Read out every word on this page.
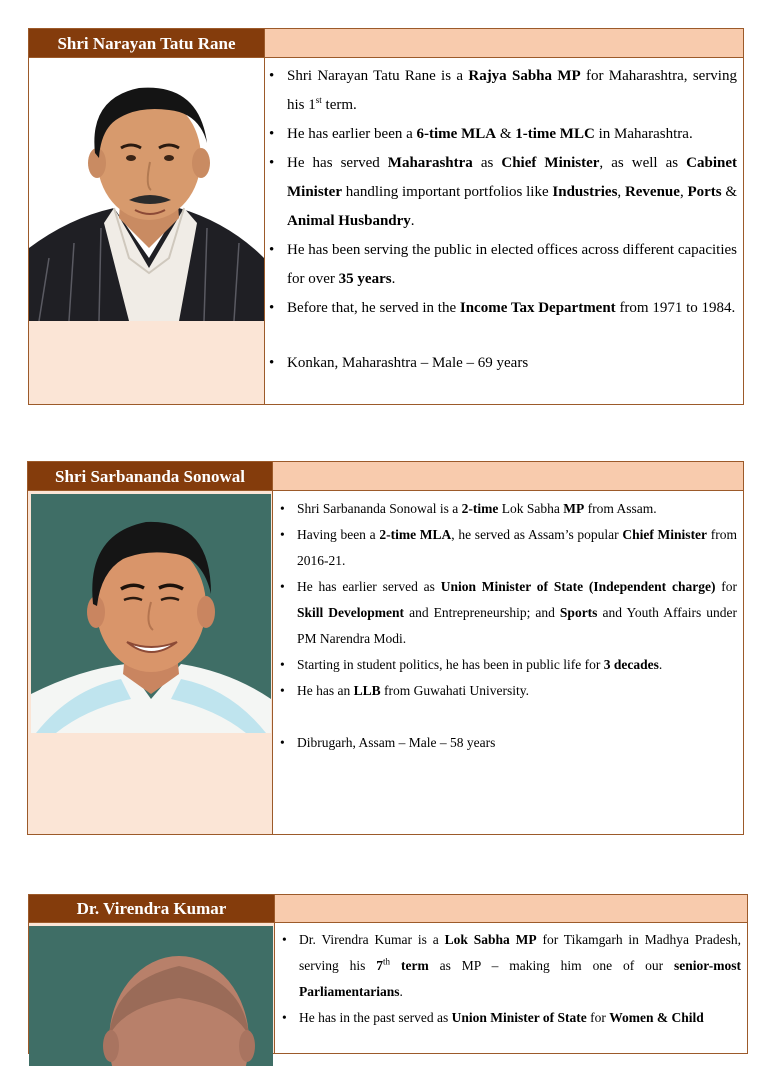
Shri Narayan Tatu Rane
• Shri Narayan Tatu Rane is a Rajya Sabha MP for Maharashtra, serving his 1st term.
• He has earlier been a 6-time MLA & 1-time MLC in Maharashtra.
• He has served Maharashtra as Chief Minister, as well as Cabinet Minister handling important portfolios like Industries, Revenue, Ports & Animal Husbandry.
• He has been serving the public in elected offices across different capacities for over 35 years.
• Before that, he served in the Income Tax Department from 1971 to 1984.
• Konkan, Maharashtra – Male – 69 years
Shri Sarbananda Sonowal
• Shri Sarbananda Sonowal is a 2-time Lok Sabha MP from Assam.
• Having been a 2-time MLA, he served as Assam’s popular Chief Minister from 2016-21.
• He has earlier served as Union Minister of State (Independent charge) for Skill Development and Entrepreneurship; and Sports and Youth Affairs under PM Narendra Modi.
• Starting in student politics, he has been in public life for 3 decades.
• He has an LLB from Guwahati University.
• Dibrugarh, Assam – Male – 58 years
Dr. Virendra Kumar
• Dr. Virendra Kumar is a Lok Sabha MP for Tikamgarh in Madhya Pradesh, serving his 7th term as MP – making him one of our senior-most Parliamentarians.
• He has in the past served as Union Minister of State for Women & Child
